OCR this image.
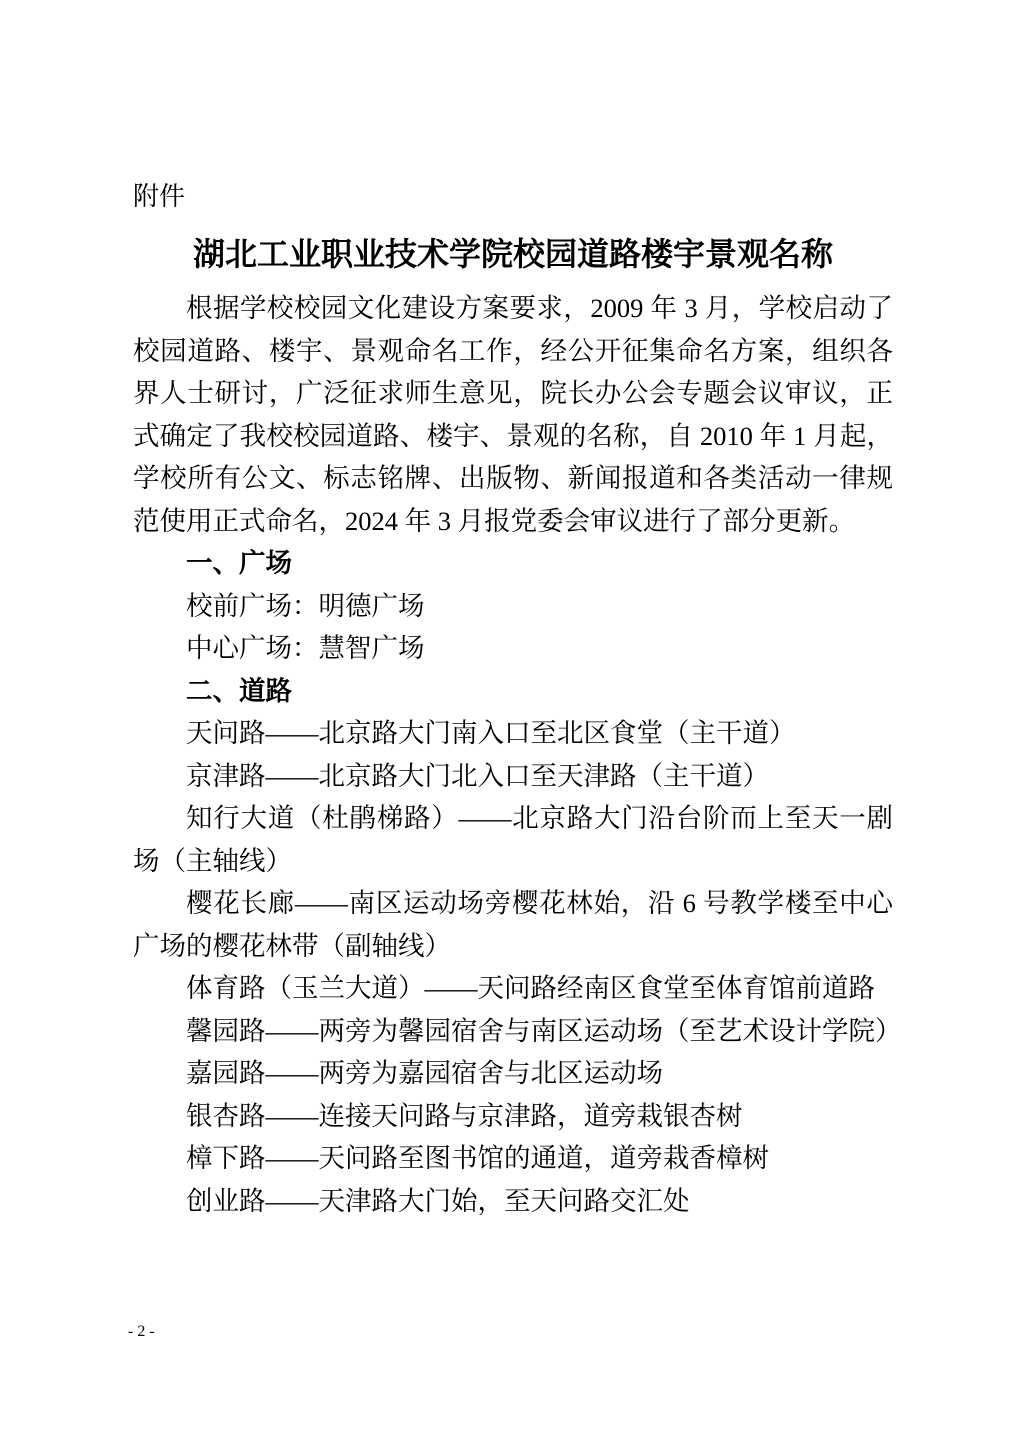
附件
湖北工业职业技术学院校园道路楼宇景观名称

根据学校校园文化建设方案要求，2009 年 3 月，学校启动了校园道路、楼宇、景观命名工作，经公开征集命名方案，组织各界人士研讨，广泛征求师生意见，院长办公会专题会议审议，正式确定了我校校园道路、楼宇、景观的名称，自 2010 年 1 月起，学校所有公文、标志铭牌、出版物、新闻报道和各类活动一律规范使用正式命名，2024 年 3 月报党委会审议进行了部分更新。

一、广场

校前广场：明德广场

中心广场：慧智广场

二、道路

天问路——北京路大门南入口至北区食堂（主干道）

京津路——北京路大门北入口至天津路（主干道）

知行大道（杜鹃梯路）——北京路大门沿台阶而上至天一剧场（主轴线）

樱花长廊——南区运动场旁樱花林始，沿 6 号教学楼至中心广场的樱花林带（副轴线）

体育路（玉兰大道）——天问路经南区食堂至体育馆前道路

馨园路——两旁为馨园宿舍与南区运动场（至艺术设计学院）

嘉园路——两旁为嘉园宿舍与北区运动场

银杏路——连接天问路与京津路，道旁栽银杏树

樟下路——天问路至图书馆的通道，道旁栽香樟树

创业路——天津路大门始，至天问路交汇处

- 2 -
